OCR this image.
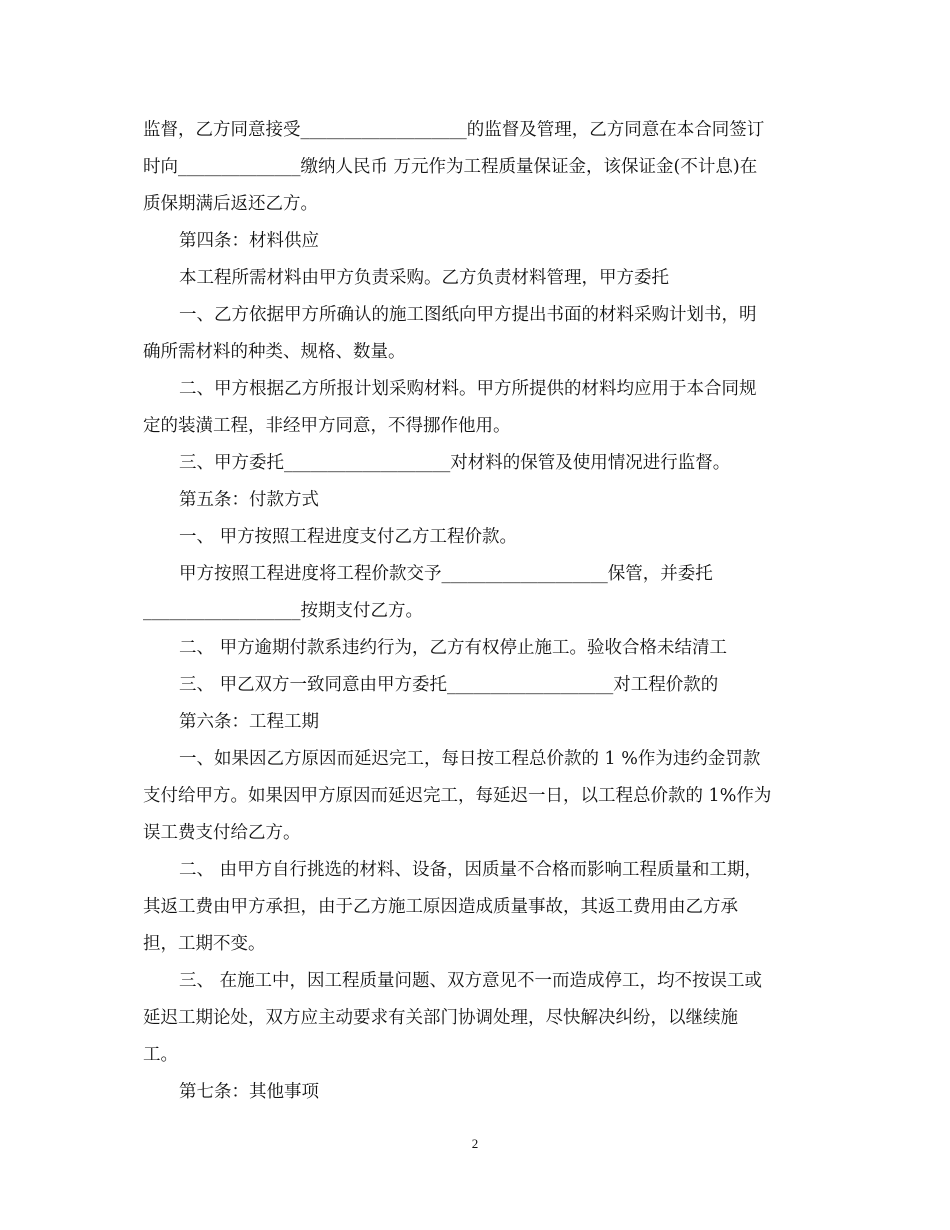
监督，乙方同意接受___________________的监督及管理，乙方同意在本合同签订
时向______________缴纳人民币 万元作为工程质量保证金，该保证金(不计息)在
质保期满后返还乙方。
第四条：材料供应
本工程所需材料由甲方负责采购。乙方负责材料管理，甲方委托
一、乙方依据甲方所确认的施工图纸向甲方提出书面的材料采购计划书，明
确所需材料的种类、规格、数量。
二、甲方根据乙方所报计划采购材料。甲方所提供的材料均应用于本合同规
定的装潢工程，非经甲方同意，不得挪作他用。
三、甲方委托___________________对材料的保管及使用情况进行监督。
第五条：付款方式
一、 甲方按照工程进度支付乙方工程价款。
甲方按照工程进度将工程价款交予___________________保管，并委托
__________________按期支付乙方。
二、 甲方逾期付款系违约行为，乙方有权停止施工。验收合格未结清工
三、 甲乙双方一致同意由甲方委托___________________对工程价款的
第六条：工程工期
一、如果因乙方原因而延迟完工，每日按工程总价款的 1 %作为违约金罚款
支付给甲方。如果因甲方原因而延迟完工，每延迟一日，以工程总价款的 1%作为
误工费支付给乙方。
二、 由甲方自行挑选的材料、设备，因质量不合格而影响工程质量和工期，
其返工费由甲方承担，由于乙方施工原因造成质量事故，其返工费用由乙方承
担，工期不变。
三、 在施工中，因工程质量问题、双方意见不一而造成停工，均不按误工或
延迟工期论处，双方应主动要求有关部门协调处理，尽快解决纠纷，以继续施
工。
第七条：其他事项
2
